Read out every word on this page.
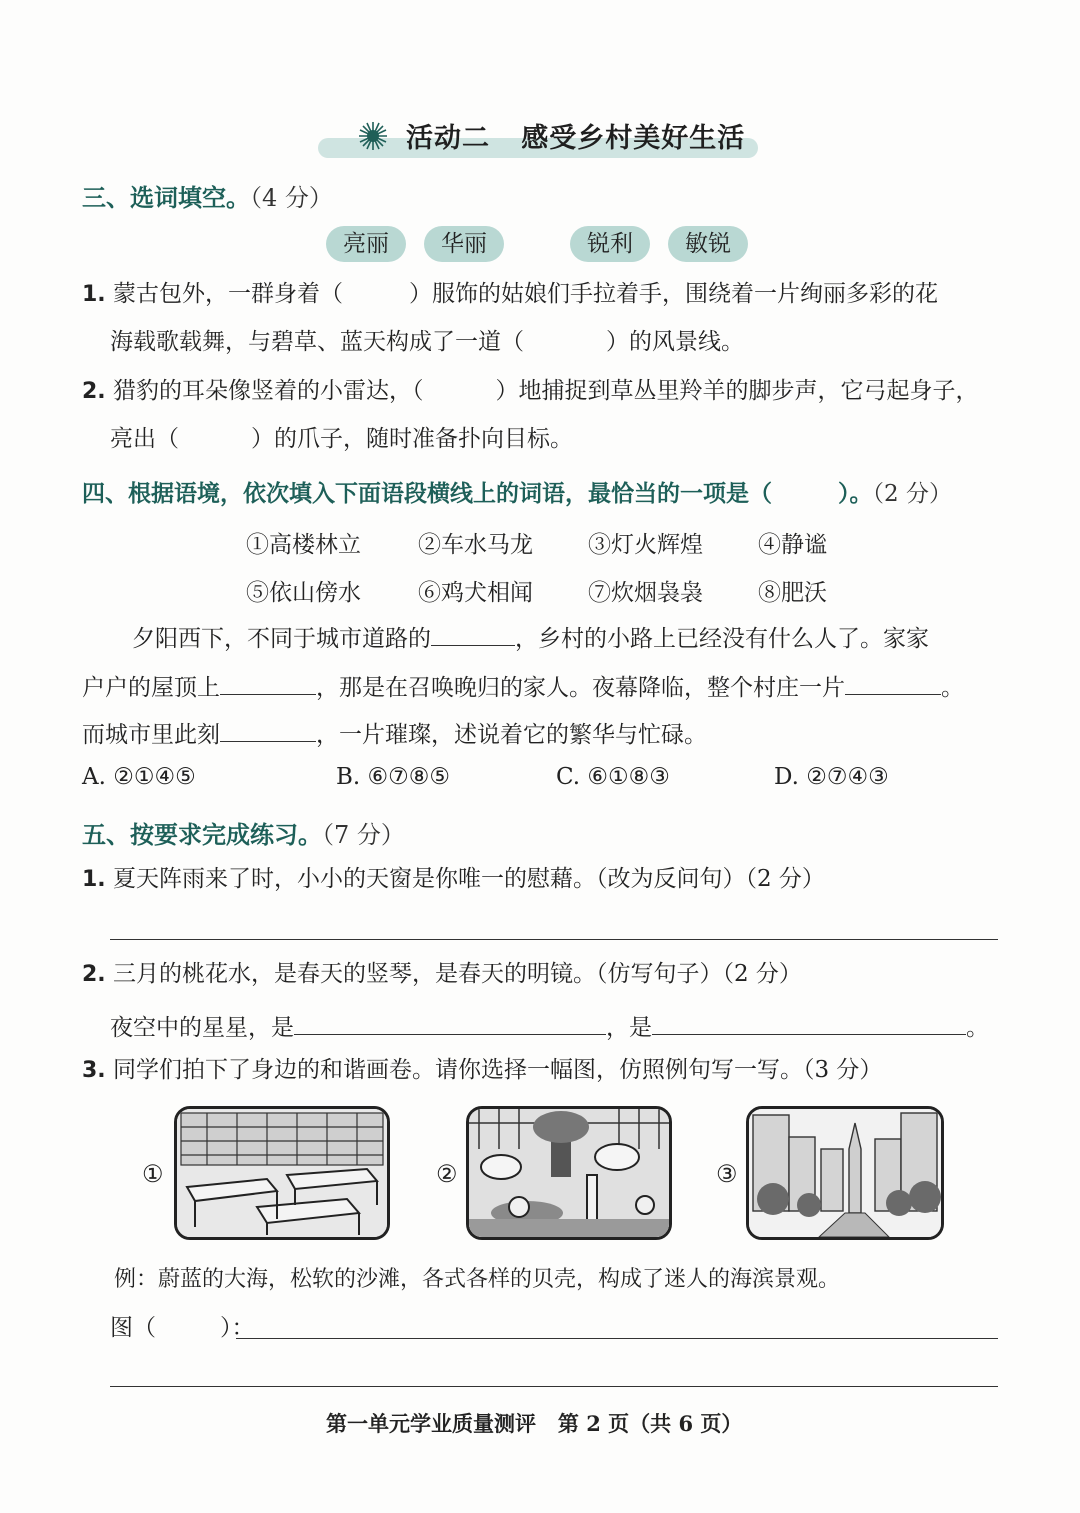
活动二   感受乡村美好生活
三、选词填空。（4 分）
亮丽	华丽	锐利	敏锐
1. 蒙古包外，一群身着（	）服饰的姑娘们手拉着手，围绕着一片绚丽多彩的花
海载歌载舞，与碧草、蓝天构成了一道（	）的风景线。
2. 猎豹的耳朵像竖着的小雷达，（	）地捕捉到草丛里羚羊的脚步声，它弓起身子，
亮出（	）的爪子，随时准备扑向目标。
四、根据语境，依次填入下面语段横线上的词语，最恰当的一项是（	）。（2 分）
①高楼林立 ②车水马龙 ③灯火辉煌 ④静谧
⑤依山傍水 ⑥鸡犬相闻 ⑦炊烟袅袅 ⑧肥沃
夕阳西下，不同于城市道路的	，乡村的小路上已经没有什么人了。家家
户户的屋顶上	，那是在召唤晚归的家人。夜幕降临，整个村庄一片	。
而城市里此刻	，一片璀璨，述说着它的繁华与忙碌。
A. ②①④⑤	B. ⑥⑦⑧⑤	C. ⑥①⑧③	D. ②⑦④③
五、按要求完成练习。（7 分）
1. 夏天阵雨来了时，小小的天窗是你唯一的慰藉。（改为反问句）（2 分）
2. 三月的桃花水，是春天的竖琴，是春天的明镜。（仿写句子）（2 分）
夜空中的星星，是	，是	。
3. 同学们拍下了身边的和谐画卷。请你选择一幅图，仿照例句写一写。（3 分）
①	②	③
例：蔚蓝的大海，松软的沙滩，各式各样的贝壳，构成了迷人的海滨景观。
图（	）：
第一单元学业质量测评   第 2 页（共 6 页）
